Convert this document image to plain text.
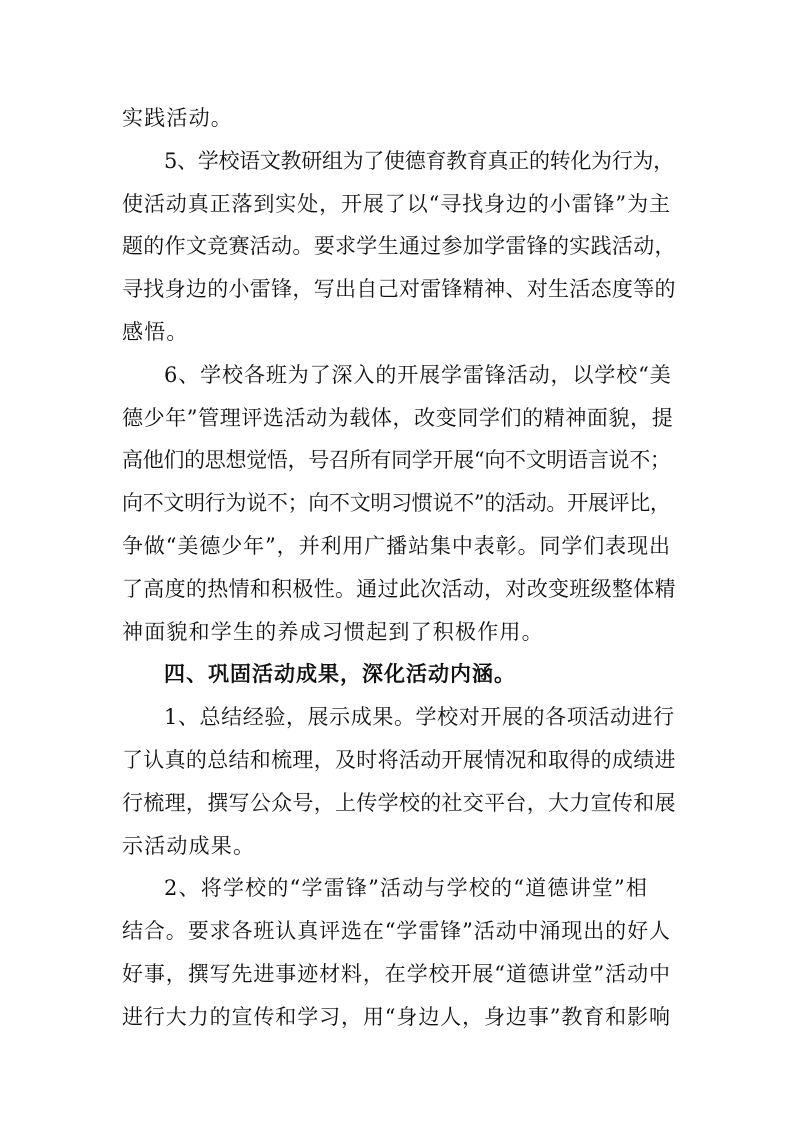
实践活动。
5、学校语文教研组为了使德育教育真正的转化为行为，
使活动真正落到实处，开展了以“寻找身边的小雷锋”为主
题的作文竞赛活动。要求学生通过参加学雷锋的实践活动，
寻找身边的小雷锋，写出自己对雷锋精神、对生活态度等的
感悟。
6、学校各班为了深入的开展学雷锋活动，以学校“美
德少年”管理评选活动为载体，改变同学们的精神面貌，提
高他们的思想觉悟，号召所有同学开展“向不文明语言说不；
向不文明行为说不；向不文明习惯说不”的活动。开展评比，
争做“美德少年”，并利用广播站集中表彰。同学们表现出
了高度的热情和积极性。通过此次活动，对改变班级整体精
神面貌和学生的养成习惯起到了积极作用。
四、巩固活动成果，深化活动内涵。
1、总结经验，展示成果。学校对开展的各项活动进行
了认真的总结和梳理，及时将活动开展情况和取得的成绩进
行梳理，撰写公众号，上传学校的社交平台，大力宣传和展
示活动成果。
2、将学校的“学雷锋”活动与学校的“道德讲堂”相
结合。要求各班认真评选在“学雷锋”活动中涌现出的好人
好事，撰写先进事迹材料，在学校开展“道德讲堂”活动中
进行大力的宣传和学习，用“身边人，身边事”教育和影响
